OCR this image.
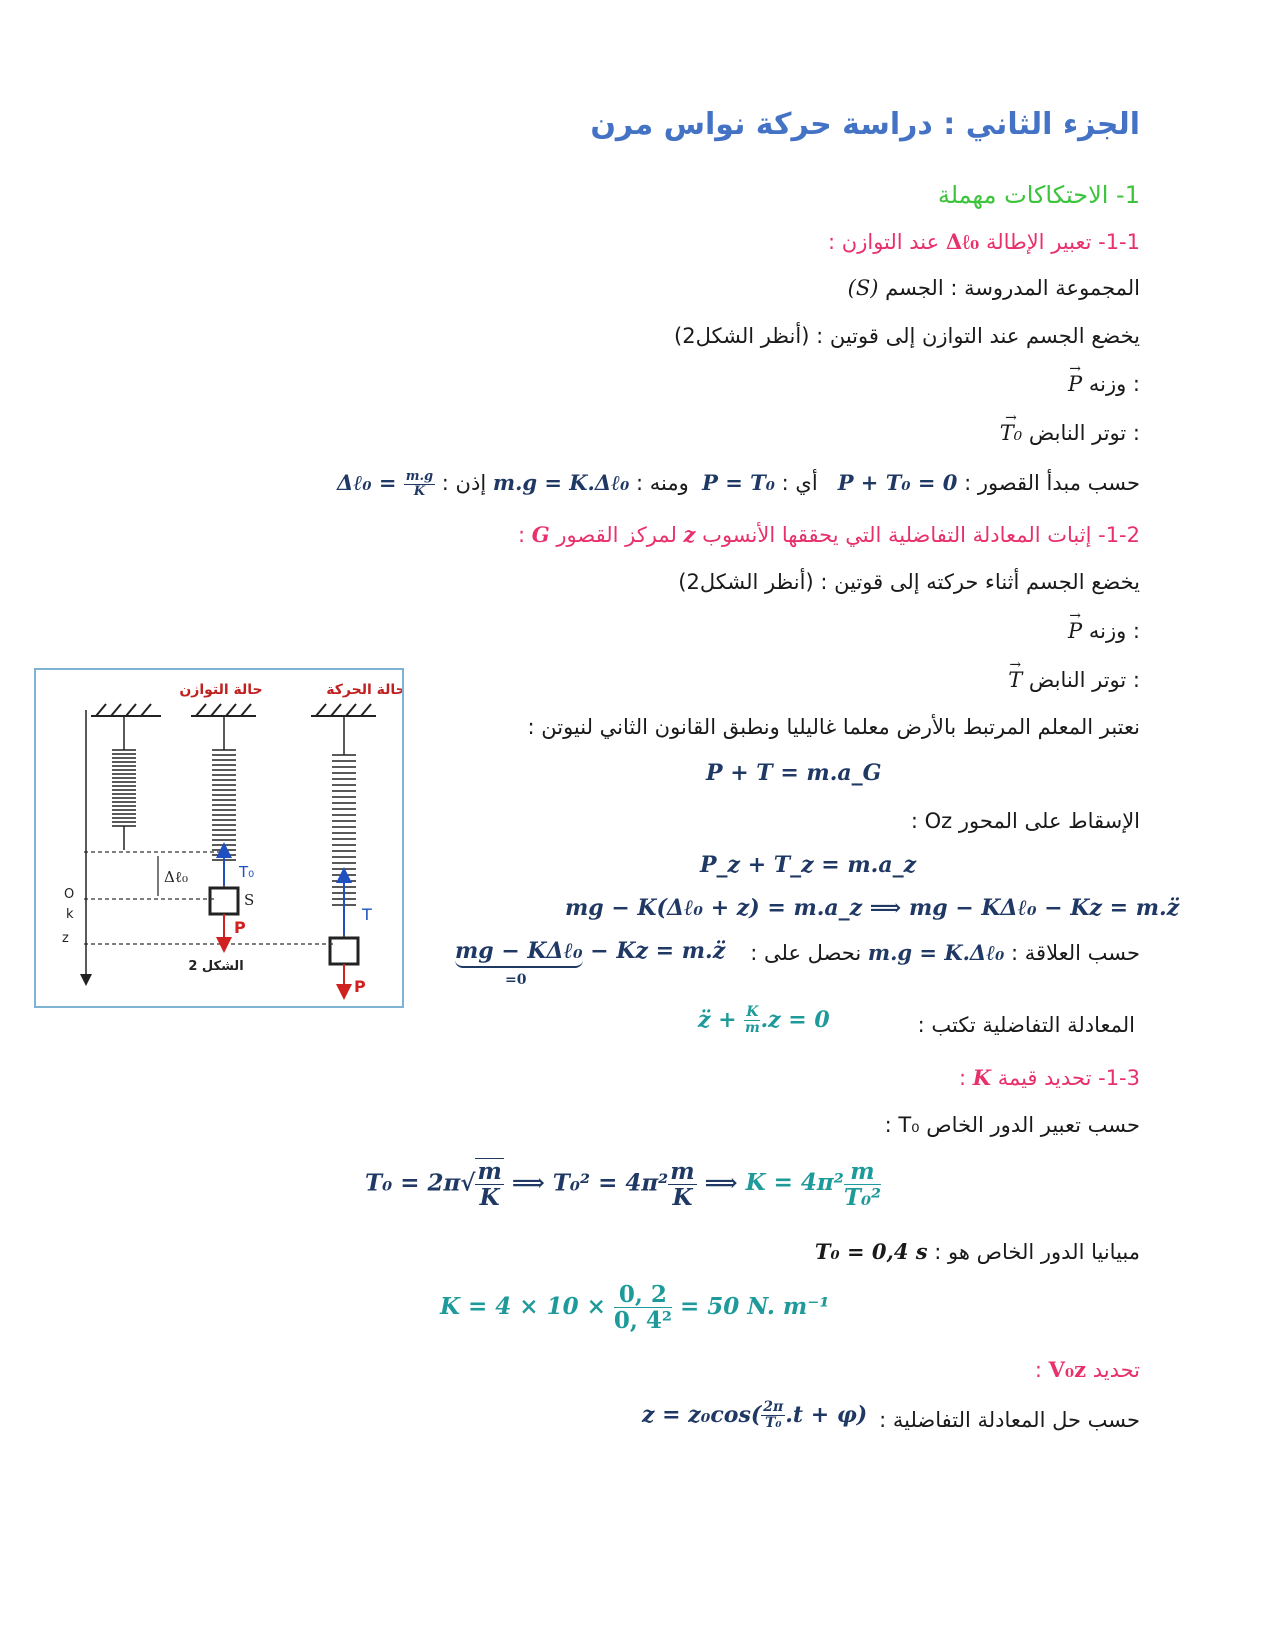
الجزء الثاني : دراسة حركة نواس مرن
1- الاحتكاكات مهملة
1-1- تعبير الإطالة Δℓ₀ عند التوازن :
المجموعة المدروسة : الجسم (S)
يخضع الجسم عند التوازن إلى قوتين : (أنظر الشكل2)
: وزنه → P
: توتر النابض → T₀
حسب مبدأ القصور : P + T₀ = 0   أي : P = T₀  ومنه : m.g = K.Δℓ₀ إذن : Δℓ₀ = $\frac{m.g}{K}$
1-2- إثبات المعادلة التفاضلية التي يحققها الأنسوب z لمركز القصور G :
يخضع الجسم أثناء حركته إلى قوتين : (أنظر الشكل2)
: وزنه → P
: توتر النابض → T
نعتبر المعلم المرتبط بالأرض معلما غاليليا ونطبق القانون الثاني لنيوتن :
P + T = m.a_G
الإسقاط على المحور Oz :
P_z + T_z = m.a_z
mg − K(Δℓ₀ + z) = m.a_z ⟹ mg − KΔℓ₀ − Kz = m.z̈
حسب العلاقة : m.g = K.Δℓ₀ نحصل على :
mg − KΔℓ₀ − Kz = m.z̈
=0
المعادلة التفاضلية تكتب :
z̈ + $\frac{K}{m} .z = 0$
1-3- تحديد قيمة K :
حسب تعبير الدور الخاص T₀ :
$T_0 = 2\pi√ \frac{m}{K}$ ⟹ $T_0^2 = 4\pi^2 \frac{m}{K}$ ⟹ $K = 4\pi^2 \frac{m}{\text{T₀²}}$
مبيانيا الدور الخاص هو : T₀ = 0,4 s
$K = 4 \times 10 \times \frac{0, 2}{\text{0, 4²}} = 50$ N. m⁻¹
تحديد V₀z :
حسب حل المعادلة التفاضلية :
$z = z_0\cos( \frac{2\pi}{\text{T₀}} .t + \varphi)$
حالة الحركة
حالة التوازن
S
Δℓ₀
O
k
z
T₀
P
T
P
الشكل 2
